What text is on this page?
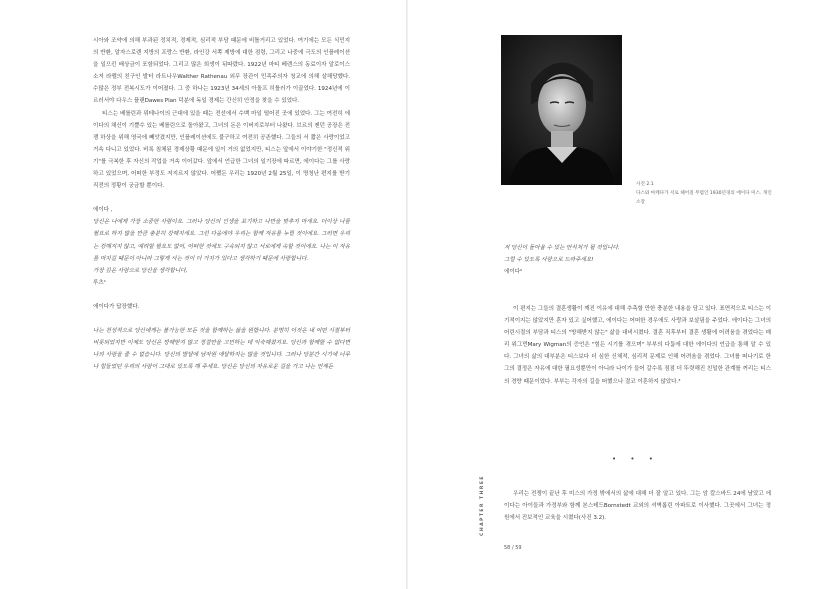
시아와 조약에 의해 부과된 정치적, 경제적, 심리적 부담 때문에 비틀거리고 있었다. 여기에는 모든 식민지의 반환, 알자스로렌 지방의 프랑스 반환, 라인강 서쪽 제방에 대한 점령, 그리고 나중에 극도의 인플레이션을 일으킨 배상금이 포함되었다. 그리고 많은 희생이 뒤따랐다. 1922년 마티 베렌스의 동료이자 알로이스 소저 라펠의 친구인 발터 라트나우Walther Rathenau 외무 장관이 민족주의자 청교에 의해 살해당했다. 수많은 정부 전복시도가 이어졌다. 그 중 하나는 1923년 34세의 아돌프 히틀러가 이끌었다. 1924년에 이르러서야 다우스 플랜Dawes Plan 덕분에 독일 경제는 간신히 안정을 찾을 수 있었다.

티스는 베를린과 뮈테나이의 근대에 있을 때는 전선에서 수백 마일 떨어진 곳에 있었다. 그는 여전히 에이다의 채신이 기쁠수 있는 베를린으로 돌아왔고, 그녀의 돈은 이버지로부터 나왔다. 브르의 젠던 공장은 전쟁 하상을 위해 영국에 빼앗겼지만, 인플레이션에도 불구하고 여전히 공존했다. 그들의 서 짧은 사랑이었고 거속 다니고 있었다. 비록 침체된 경제상황 때문에 일이 거의 없었지만, 티스는 앞에서 이야기한 "정신적 위기"를 극복한 후 자신의 작업을 거속 이어갔다. 앞에서 언급한 그녀의 일기장에 따르면, 에이다는 그를 사랑하고 있었으며, 어떠한 부정도 저지르지 않았다. 어쨌든 우리는 1920년 2월 25일, 이 명청난 편지를 받기 직전의 정황이 궁금할 뿐이다.

에이다 ,

당신은 나에게 가장 소중한 사람이요. 그러나 당신의 인생을 포기하고 나만을 맞추지 마세요. 더이상 나를 필요로 하지 않을 만큼 충분히 강해지세요. 그런 다음에야 우리는 함께 자유를 누릴 것이에요. 그러면 우리는 강해지지 않고, 예려할 필요도 없어, 어떠한 것에도 구속되지 않고 서로에게 속할 것이에요. 나는 이 자유를 마치길 때문이 아니라 그렇게 사는 것이 더 가치가 있다고 생각하기 때문에 사랑합니다.

가장 깊은 사랑으로 당신을 생각합니다,

루츠¹

에이다가 답장했다.

나는 천성적으로 당신에게는 불가능한 모든 것을 함께하는 삶을 원합니다. 분명히 이것은 내 어떤 시절부터 비롯되었지만 이제도 당신은 방해받지 않고 정결만을 고민하는 데 익숙해졌지요. 당신과 함께할 수 없다면 나의 사랑을 줄 수 없습니다. 당신의 발달에 남자원 애달하지는 않을 것입니다. 그러나 당분간 시기에 너무나 힘들었던 우리의 사랑이 그대로 있도록 해 주세요. 당신은 당신의 자유로운 길을 가고 나는 언제든

사진 2.1
다스와 마케다가 서로 헤어질 무렵인 1930년경의 에이다 미스. 개인 소장

저 당신이 돌아올 수 있는 안식처가 될 것입니다.

그럴 수 있도록 사랑으로 드라주세요!

에이다²

이 편지는 그들의 결혼생활이 깨진 이유에 대해 추측할 만한 충분한 내용을 담고 있다. 표면적으로 티스는 이기적이지는 않았지만 혼자 있고 싶어했고, 에이다는 어떠한 경우에도 사랑과 보살핌을 주었다. 에이다는 그녀의 어린시절의 부담과 티스의 "방해받지 않는" 삶을 대비시켰다. 결혼 직후부터 결혼 생활에 어려움을 겪었다는 매리 위그먼Mary Wigman의 증언은 "힘든 시기를 겪으며" 부부의 다툼에 대한 에이다의 언급을 통해 알 수 있다. 그녀의 삶의 대부분은 티스보다 더 심한 신체적, 심리적 문제로 인해 어려움을 겪었다. 그녀를 떠나기로 한 그의 결정은 자유에 대한 필요성뿐만이 아니라 나이가 들어 갈수록 점점 더 뚜렷해진 친밀한 관계를 꺼리는 티스의 경향 때문이었다. 부부는 각자의 길을 떠했으나 결코 이혼하지 않았다.³

• • •
CHAPTER THREE	우리는 전쟁이 끝난 후 미스의 가정 밖에서의 삶에 대해 더 잘 알고 있다. 그는 암 칼스바드 24에 남았고 에이다는 아이들과 가정부와 함께 본스테드Bornstedt 교외의 셔벽롭린 아파트로 이사했다. 그곳에서 그녀는 정원에서 진보적인 교육을 시켰다(사진 3.2).

58 / 59
